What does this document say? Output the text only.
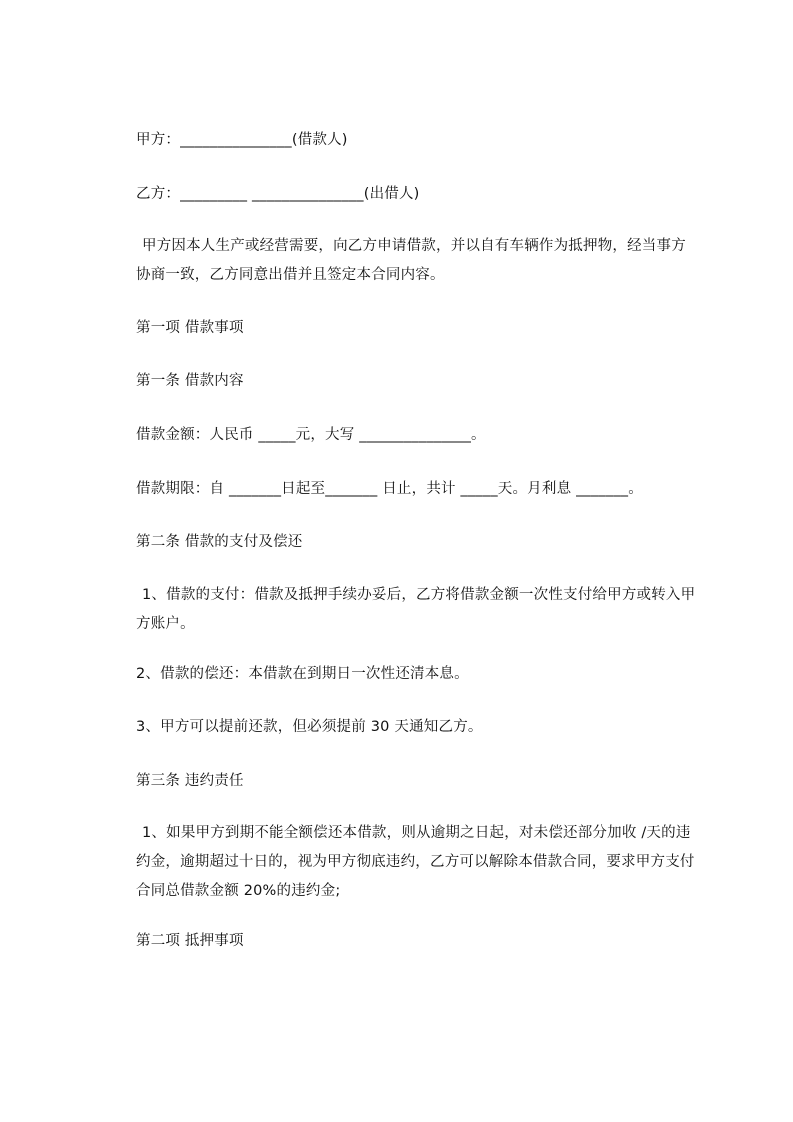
甲方：_______________(借款人)
乙方：_________ _______________(出借人)
甲方因本人生产或经营需要，向乙方申请借款，并以自有车辆作为抵押物，经当事方协商一致，乙方同意出借并且签定本合同内容。
第一项 借款事项
第一条 借款内容
借款金额：人民币 _____元，大写 _______________。
借款期限：自 _______日起至_______ 日止，共计 _____天。月利息 _______。
第二条 借款的支付及偿还
1、借款的支付：借款及抵押手续办妥后，乙方将借款金额一次性支付给甲方或转入甲方账户。
2、借款的偿还：本借款在到期日一次性还清本息。
3、甲方可以提前还款，但必须提前 30 天通知乙方。
第三条 违约责任
1、如果甲方到期不能全额偿还本借款，则从逾期之日起，对未偿还部分加收 /天的违约金，逾期超过十日的，视为甲方彻底违约，乙方可以解除本借款合同，要求甲方支付合同总借款金额 20%的违约金;
第二项 抵押事项
